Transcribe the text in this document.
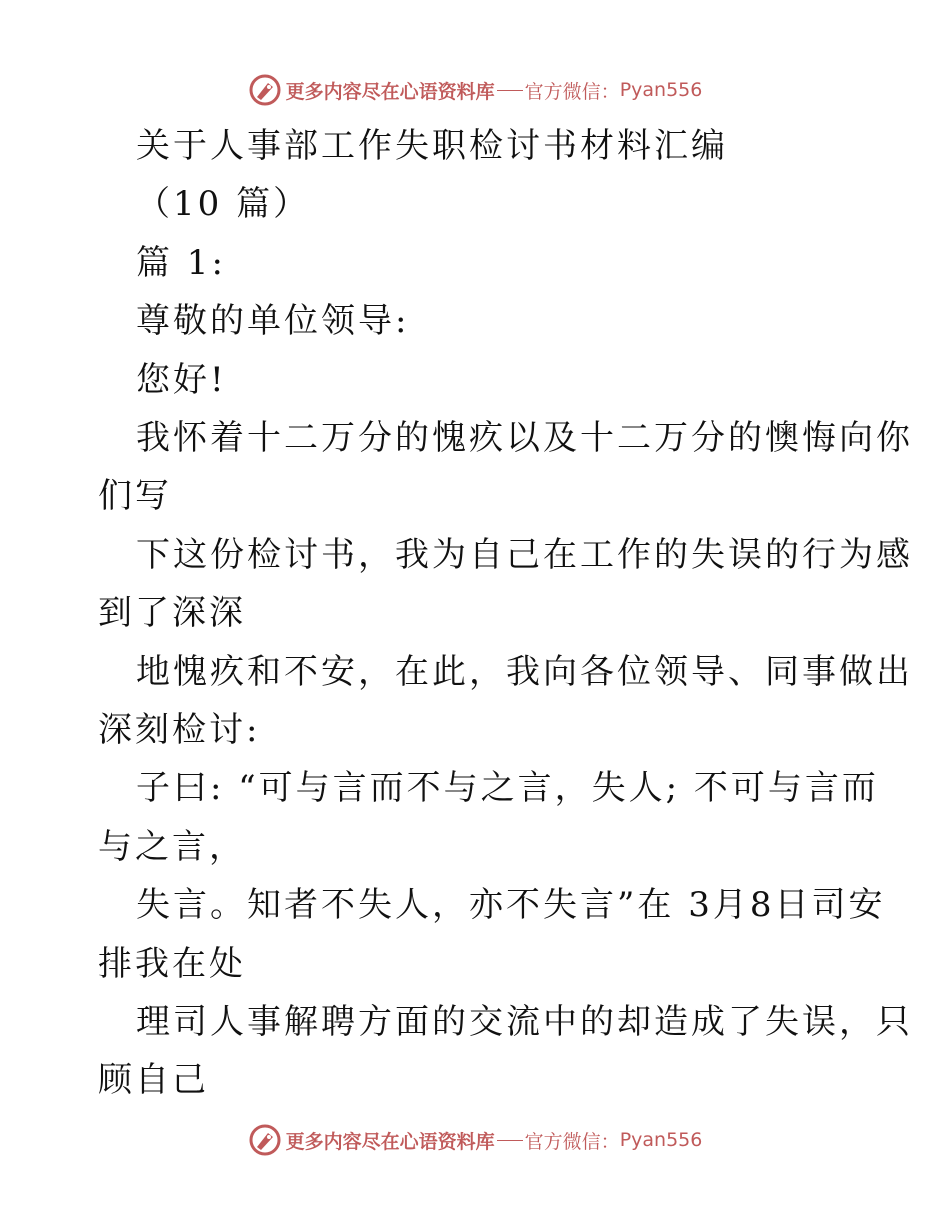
更多内容尽在心语资料库 官方微信： Pyan556
关于人事部工作失职检讨书材料汇编
（10 篇）
篇 1:
尊敬的单位领导:
您好!
我怀着十二万分的愧疚以及十二万分的懊悔向你
们写
下这份检讨书，我为自己在工作的失误的行为感
到了深深
地愧疚和不安，在此，我向各位领导、同事做出
深刻检讨:
子曰: “可与言而不与之言，失人; 不可与言而
与之言，
失言。知者不失人，亦不失言”在 3月8日司安
排我在处
理司人事解聘方面的交流中的却造成了失误，只
顾自己
更多内容尽在心语资料库 官方微信： Pyan556
